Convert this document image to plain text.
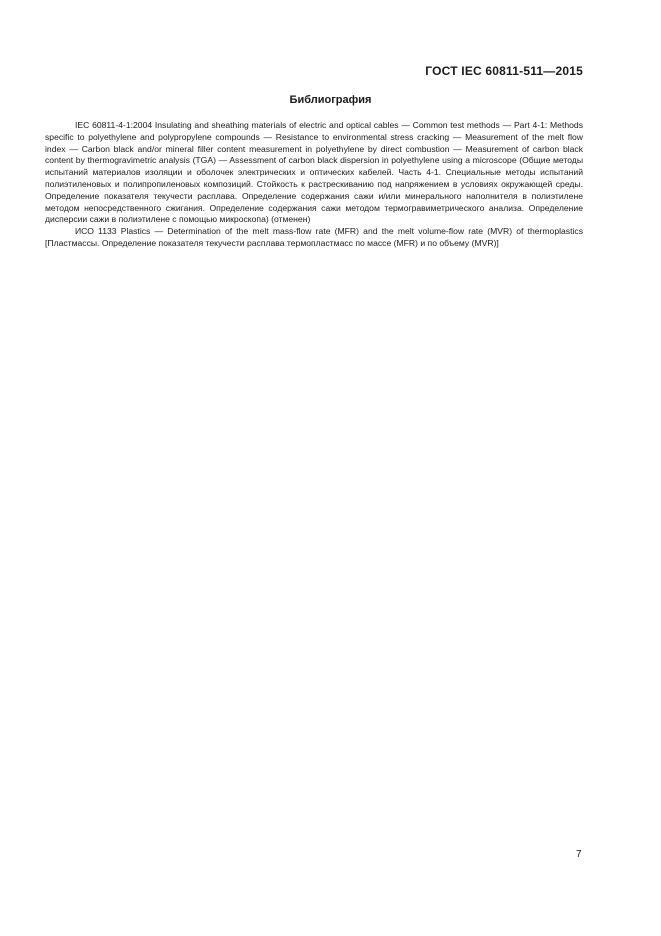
ГОСТ IEC 60811-511—2015
Библиография

IEC 60811-4-1:2004 Insulating and sheathing materials of electric and optical cables — Common test methods — Part 4-1: Methods specific to polyethylene and polypropylene compounds — Resistance to environmental stress cracking — Measurement of the melt flow index — Carbon black and/or mineral filler content measurement in polyethylene by direct combustion — Measurement of carbon black content by thermogravimetric analysis (TGA) — Assessment of carbon black dispersion in polyethylene using a microscope (Общие методы испытаний материалов изоляции и оболочек электрических и оптических кабелей. Часть 4-1. Специальные методы испытаний полиэтиленовых и полипропиленовых композиций. Стойкость к растрескиванию под напряжением в условиях окружающей среды. Определение показателя текучести расплава. Определение содержания сажи и/или минерального наполнителя в полиэтилене методом непосредственного сжигания. Определение содержания сажи методом термогравиметрического анализа. Определение дисперсии сажи в полиэтилене с помощью микроскопа) (отменен)

ИСО 1133 Plastics — Determination of the melt mass-flow rate (MFR) and the melt volume-flow rate (MVR) of thermoplastics [Пластмассы. Определение показателя текучести расплава термопластмасс по массе (MFR) и по объему (MVR)]

7
